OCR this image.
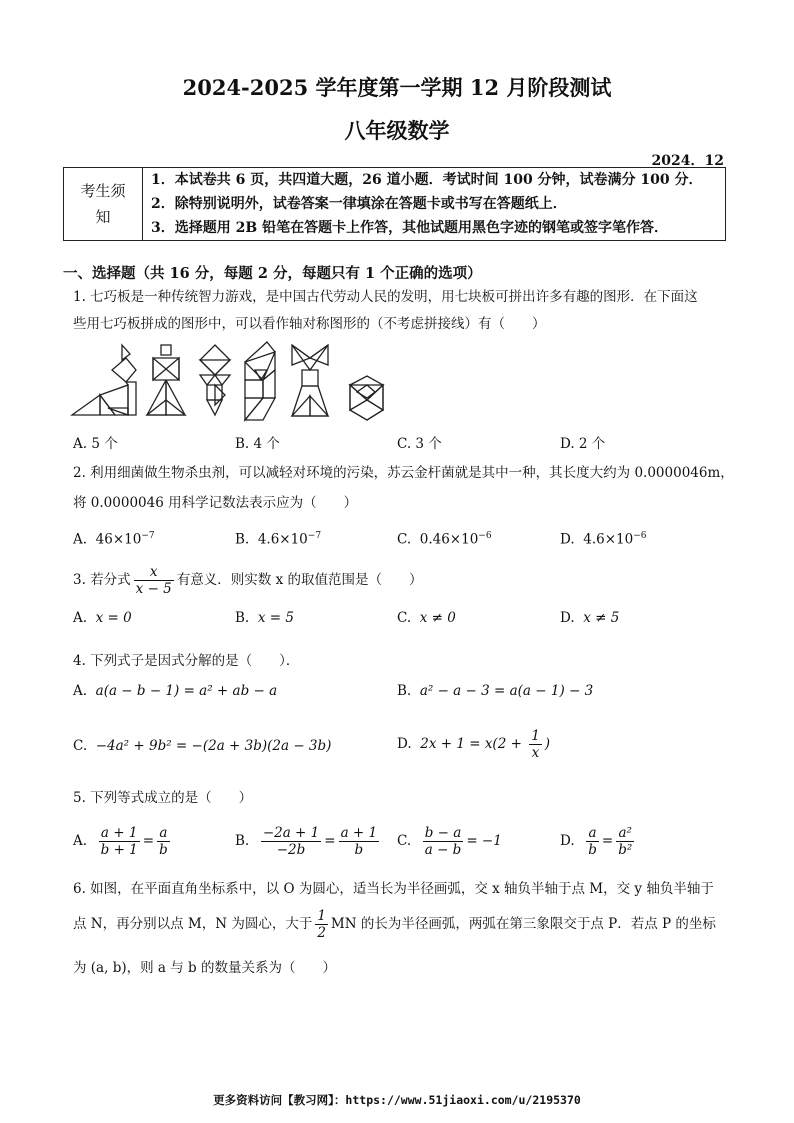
2024-2025 学年度第一学期 12 月阶段测试
八年级数学
2024．12
考生须
知

1．本试卷共 6 页，共四道大题，26 道小题．考试时间 100 分钟，试卷满分 100 分．
2．除特别说明外，试卷答案一律填涂在答题卡或书写在答题纸上．
3．选择题用 2B 铅笔在答题卡上作答，其他试题用黑色字迹的钢笔或签字笔作答．
一、选择题（共 16 分，每题 2 分，每题只有 1 个正确的选项）
1. 七巧板是一种传统智力游戏，是中国古代劳动人民的发明，用七块板可拼出许多有趣的图形．在下面这
些用七巧板拼成的图形中，可以看作轴对称图形的（不考虑拼接线）有（　　）
A. 5 个	B. 4 个	C. 3 个	D. 2 个
2. 利用细菌做生物杀虫剂，可以减轻对环境的污染，苏云金杆菌就是其中一种，其长度大约为 0.0000046m，
将 0.0000046 用科学记数法表示应为（　　）
A. $46\times 10^{-7}$	B. $4.6\times 10^{-7}$	C. $0.46\times 10^{-6}$	D. $4.6\times 10^{-6}$
3. 若分式 $\frac{x}{x - 5}$ 有意义．则实数 x 的取值范围是（　　）
A. x = 0	B. x = 5	C. x ≠ 0	D. x ≠ 5
4. 下列式子是因式分解的是（　　）．
A. a(a − b − 1) = a² + ab − a	B. a² − a − 3 = a(a − 1) − 3
C. −4a² + 9b² = −(2a + 3b)(2a − 3b)	D. $2x + 1 = x(2 + \frac{1}{x}$ )
5. 下列等式成立的是（　　）
A. $\frac{a + 1}{b + 1} = \frac{a}{b}$	B. $\frac{-2a + 1}{-2b} = \frac{a + 1}{b} C$. $\frac{b - a}{a - b} = -1$	D. $\frac{a}{b} = \frac{\text{a²}}{\text{b²}}$
6. 如图，在平面直角坐标系中，以 O 为圆心，适当长为半径画弧，交 x 轴负半轴于点 M，交 y 轴负半轴于
点 N，再分别以点 M，N 为圆心，大于 $\frac{1}{2}$ MN 的长为半径画弧，两弧在第三象限交于点 P．若点 P 的坐标
为 (a, b)，则 a 与 b 的数量关系为（　　）
更多资料访问【教习网】：https://www.51jiaoxi.com/u/2195370
